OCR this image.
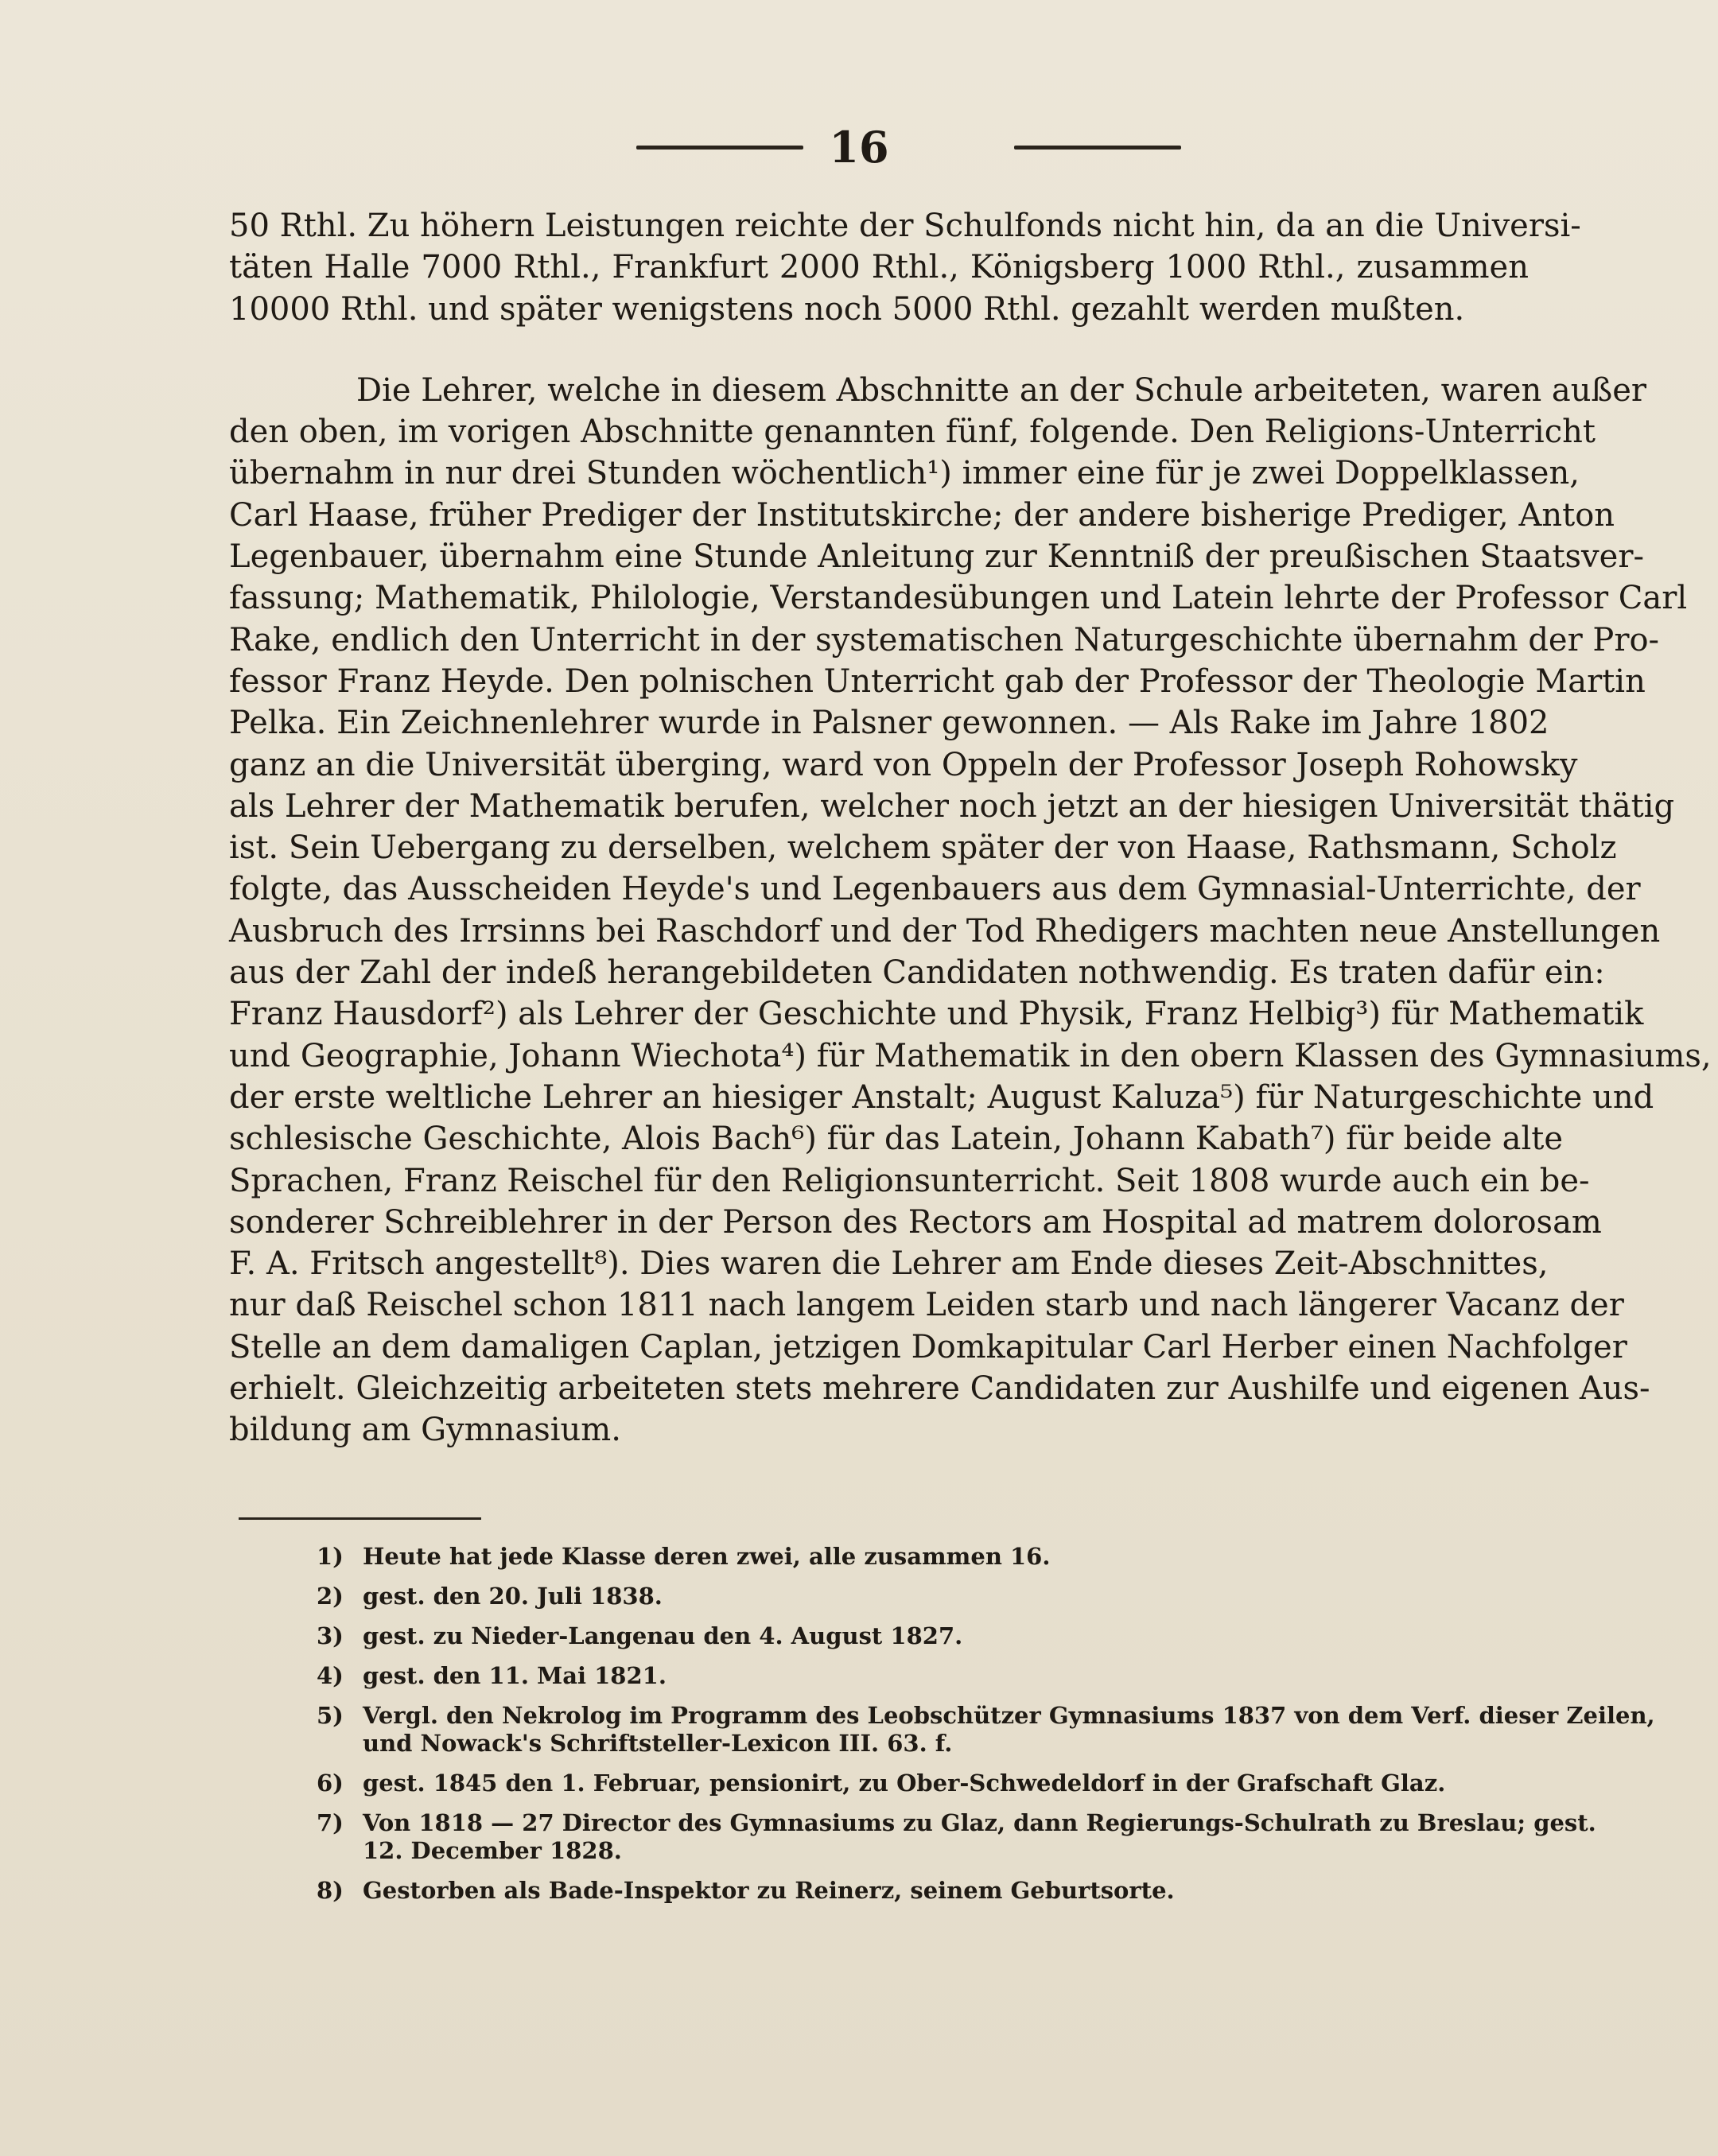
16
50 Rthl. Zu höhern Leistungen reichte der Schulfonds nicht hin, da an die Universi-
täten Halle 7000 Rthl., Frankfurt 2000 Rthl., Königsberg 1000 Rthl., zusammen
10000 Rthl. und später wenigstens noch 5000 Rthl. gezahlt werden mußten.
Die Lehrer, welche in diesem Abschnitte an der Schule arbeiteten, waren außer
den oben, im vorigen Abschnitte genannten fünf, folgende. Den Religions-Unterricht
übernahm in nur drei Stunden wöchentlich¹) immer eine für je zwei Doppelklassen,
Carl Haase, früher Prediger der Institutskirche; der andere bisherige Prediger, Anton
Legenbauer, übernahm eine Stunde Anleitung zur Kenntniß der preußischen Staatsver-
fassung; Mathematik, Philologie, Verstandesübungen und Latein lehrte der Professor Carl
Rake, endlich den Unterricht in der systematischen Naturgeschichte übernahm der Pro-
fessor Franz Heyde. Den polnischen Unterricht gab der Professor der Theologie Martin
Pelka. Ein Zeichnenlehrer wurde in Palsner gewonnen. — Als Rake im Jahre 1802
ganz an die Universität überging, ward von Oppeln der Professor Joseph Rohowsky
als Lehrer der Mathematik berufen, welcher noch jetzt an der hiesigen Universität thätig
ist. Sein Uebergang zu derselben, welchem später der von Haase, Rathsmann, Scholz
folgte, das Ausscheiden Heyde's und Legenbauers aus dem Gymnasial-Unterrichte, der
Ausbruch des Irrsinns bei Raschdorf und der Tod Rhedigers machten neue Anstellungen
aus der Zahl der indeß herangebildeten Candidaten nothwendig. Es traten dafür ein:
Franz Hausdorf²) als Lehrer der Geschichte und Physik, Franz Helbig³) für Mathematik
und Geographie, Johann Wiechota⁴) für Mathematik in den obern Klassen des Gymnasiums,
der erste weltliche Lehrer an hiesiger Anstalt; August Kaluza⁵) für Naturgeschichte und
schlesische Geschichte, Alois Bach⁶) für das Latein, Johann Kabath⁷) für beide alte
Sprachen, Franz Reischel für den Religionsunterricht. Seit 1808 wurde auch ein be-
sonderer Schreiblehrer in der Person des Rectors am Hospital ad matrem dolorosam
F. A. Fritsch angestellt⁸). Dies waren die Lehrer am Ende dieses Zeit-Abschnittes,
nur daß Reischel schon 1811 nach langem Leiden starb und nach längerer Vacanz der
Stelle an dem damaligen Caplan, jetzigen Domkapitular Carl Herber einen Nachfolger
erhielt. Gleichzeitig arbeiteten stets mehrere Candidaten zur Aushilfe und eigenen Aus-
bildung am Gymnasium.
1) Heute hat jede Klasse deren zwei, alle zusammen 16.
2) gest. den 20. Juli 1838.
3) gest. zu Nieder-Langenau den 4. August 1827.
4) gest. den 11. Mai 1821.
5) Vergl. den Nekrolog im Programm des Leobschützer Gymnasiums 1837 von dem Verf. dieser Zeilen,
und Nowack's Schriftsteller-Lexicon III. 63. f.
6) gest. 1845 den 1. Februar, pensionirt, zu Ober-Schwedeldorf in der Grafschaft Glaz.
7) Von 1818 — 27 Director des Gymnasiums zu Glaz, dann Regierungs-Schulrath zu Breslau; gest.
12. December 1828.
8) Gestorben als Bade-Inspektor zu Reinerz, seinem Geburtsorte.
